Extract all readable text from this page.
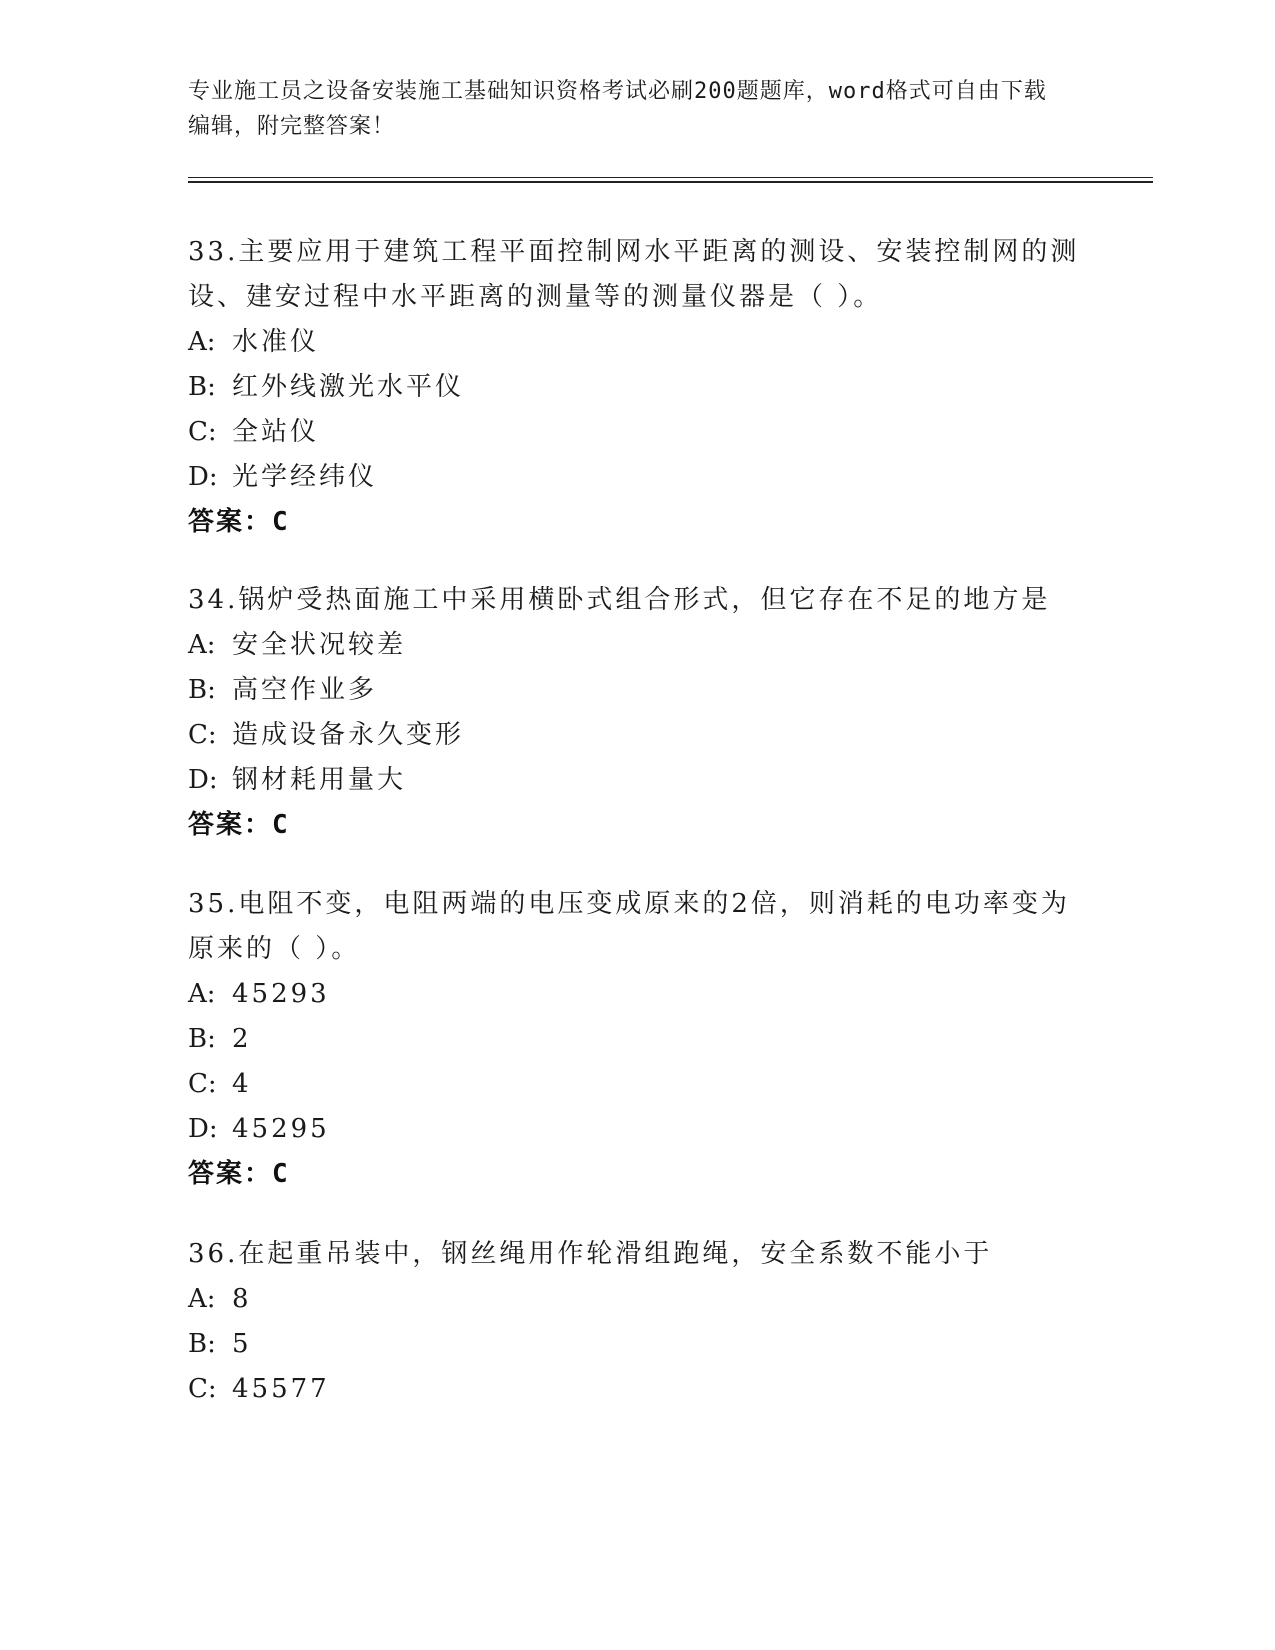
专业施工员之设备安装施工基础知识资格考试必刷200题题库，word格式可自由下载编辑，附完整答案！

33.主要应用于建筑工程平面控制网水平距离的测设、安装控制网的测设、建安过程中水平距离的测量等的测量仪器是（ ）。

A: 水准仪

B: 红外线激光水平仪

C: 全站仪

D: 光学经纬仪

答案：C

34.锅炉受热面施工中采用横卧式组合形式，但它存在不足的地方是

A: 安全状况较差

B: 高空作业多

C: 造成设备永久变形

D: 钢材耗用量大

答案：C

35.电阻不变，电阻两端的电压变成原来的2倍，则消耗的电功率变为原来的（ ）。

A: 45293

B: 2

C: 4

D: 45295

答案：C

36.在起重吊装中，钢丝绳用作轮滑组跑绳，安全系数不能小于

A: 8

B: 5

C: 45577
